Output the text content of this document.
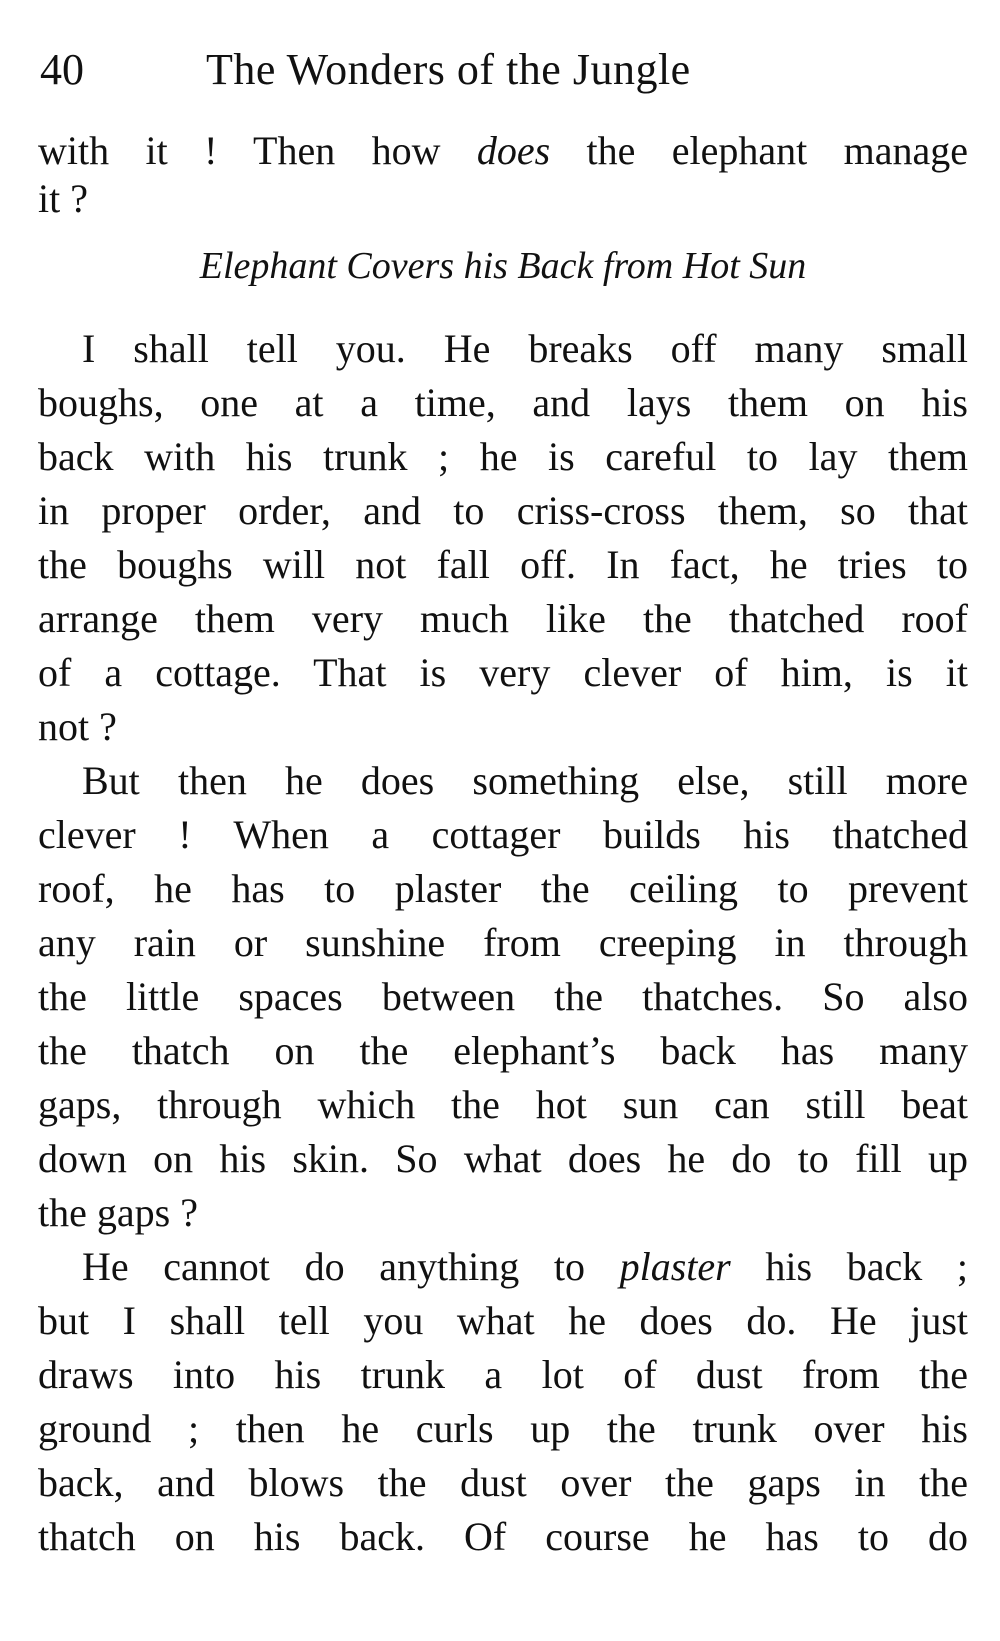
40	The Wonders of the Jungle
with it ! Then how does the elephant manage
it ?
Elephant Covers his Back from Hot Sun
I shall tell you. He breaks off many small
boughs, one at a time, and lays them on his
back with his trunk ; he is careful to lay them
in proper order, and to criss-cross them, so that
the boughs will not fall off. In fact, he tries to
arrange them very much like the thatched roof
of a cottage. That is very clever of him, is it
not ?
But then he does something else, still more
clever ! When a cottager builds his thatched
roof, he has to plaster the ceiling to prevent
any rain or sunshine from creeping in through
the little spaces between the thatches. So also
the thatch on the elephant’s back has many
gaps, through which the hot sun can still beat
down on his skin. So what does he do to fill up
the gaps ?
He cannot do anything to plaster his back ;
but I shall tell you what he does do. He just
draws into his trunk a lot of dust from the
ground ; then he curls up the trunk over his
back, and blows the dust over the gaps in the
thatch on his back. Of course he has to do
